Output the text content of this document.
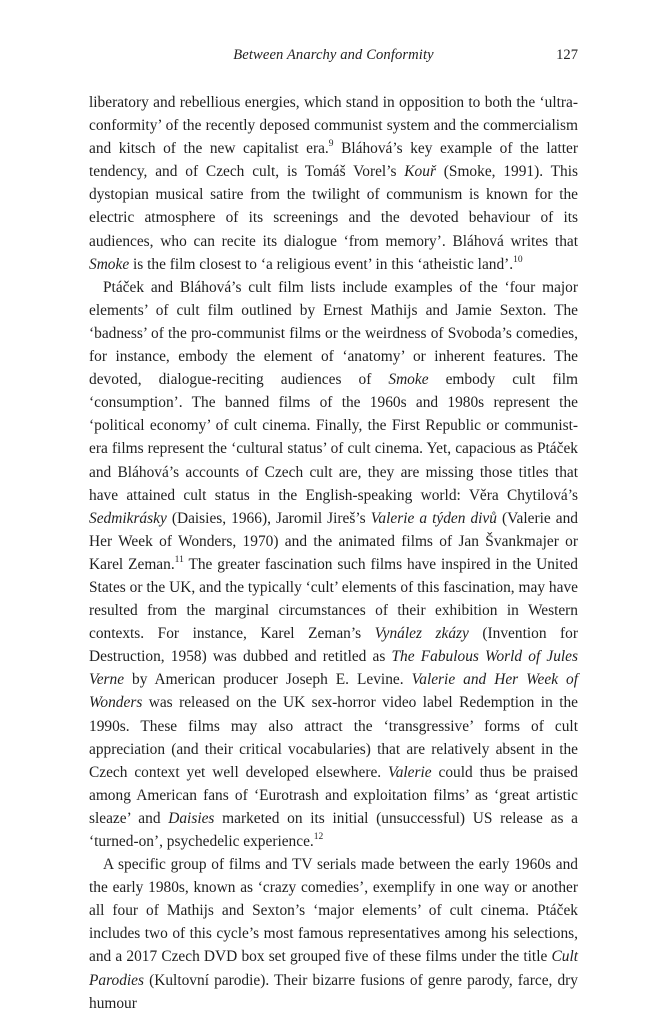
Between Anarchy and Conformity	127

liberatory and rebellious energies, which stand in opposition to both the ‘ultra-conformity’ of the recently deposed communist system and the commercialism and kitsch of the new capitalist era.$^9$ Bláhová’s key example of the latter tendency, and of Czech cult, is Tomáš Vorel’s Kouř (Smoke, 1991). This dystopian musical satire from the twilight of communism is known for the electric atmosphere of its screenings and the devoted behaviour of its audiences, who can recite its dialogue ‘from memory’. Bláhová writes that Smoke is the film closest to ‘a religious event’ in this ‘atheistic land’.$^{10}$

Ptáček and Bláhová’s cult film lists include examples of the ‘four major elements’ of cult film outlined by Ernest Mathijs and Jamie Sexton. The ‘badness’ of the pro-communist films or the weirdness of Svoboda’s comedies, for instance, embody the element of ‘anatomy’ or inherent features. The devoted, dialogue-reciting audiences of Smoke embody cult film ‘consumption’. The banned films of the 1960s and 1980s represent the ‘political economy’ of cult cinema. Finally, the First Republic or communist-era films represent the ‘cultural status’ of cult cinema. Yet, capacious as Ptáček and Bláhová’s accounts of Czech cult are, they are missing those titles that have attained cult status in the English-speaking world: Věra Chytilová’s Sedmikrásky (Daisies, 1966), Jaromil Jireš’s Valerie a týden divů (Valerie and Her Week of Wonders, 1970) and the animated films of Jan Švankmajer or Karel Zeman.$^{11}$ The greater fascination such films have inspired in the United States or the UK, and the typically ‘cult’ elements of this fascination, may have resulted from the marginal circumstances of their exhibition in Western contexts. For instance, Karel Zeman’s Vynález zkázy (Invention for Destruction, 1958) was dubbed and retitled as The Fabulous World of Jules Verne by American producer Joseph E. Levine. Valerie and Her Week of Wonders was released on the UK sex-horror video label Redemption in the 1990s. These films may also attract the ‘transgressive’ forms of cult appreciation (and their critical vocabularies) that are relatively absent in the Czech context yet well developed elsewhere. Valerie could thus be praised among American fans of ‘Eurotrash and exploitation films’ as ‘great artistic sleaze’ and Daisies marketed on its initial (unsuccessful) US release as a ‘turned-on’, psychedelic experience.$^{12}$

A specific group of films and TV serials made between the early 1960s and the early 1980s, known as ‘crazy comedies’, exemplify in one way or another all four of Mathijs and Sexton’s ‘major elements’ of cult cinema. Ptáček includes two of this cycle’s most famous representatives among his selections, and a 2017 Czech DVD box set grouped five of these films under the title Cult Parodies (Kultovní parodie). Their bizarre fusions of genre parody, farce, dry humour
